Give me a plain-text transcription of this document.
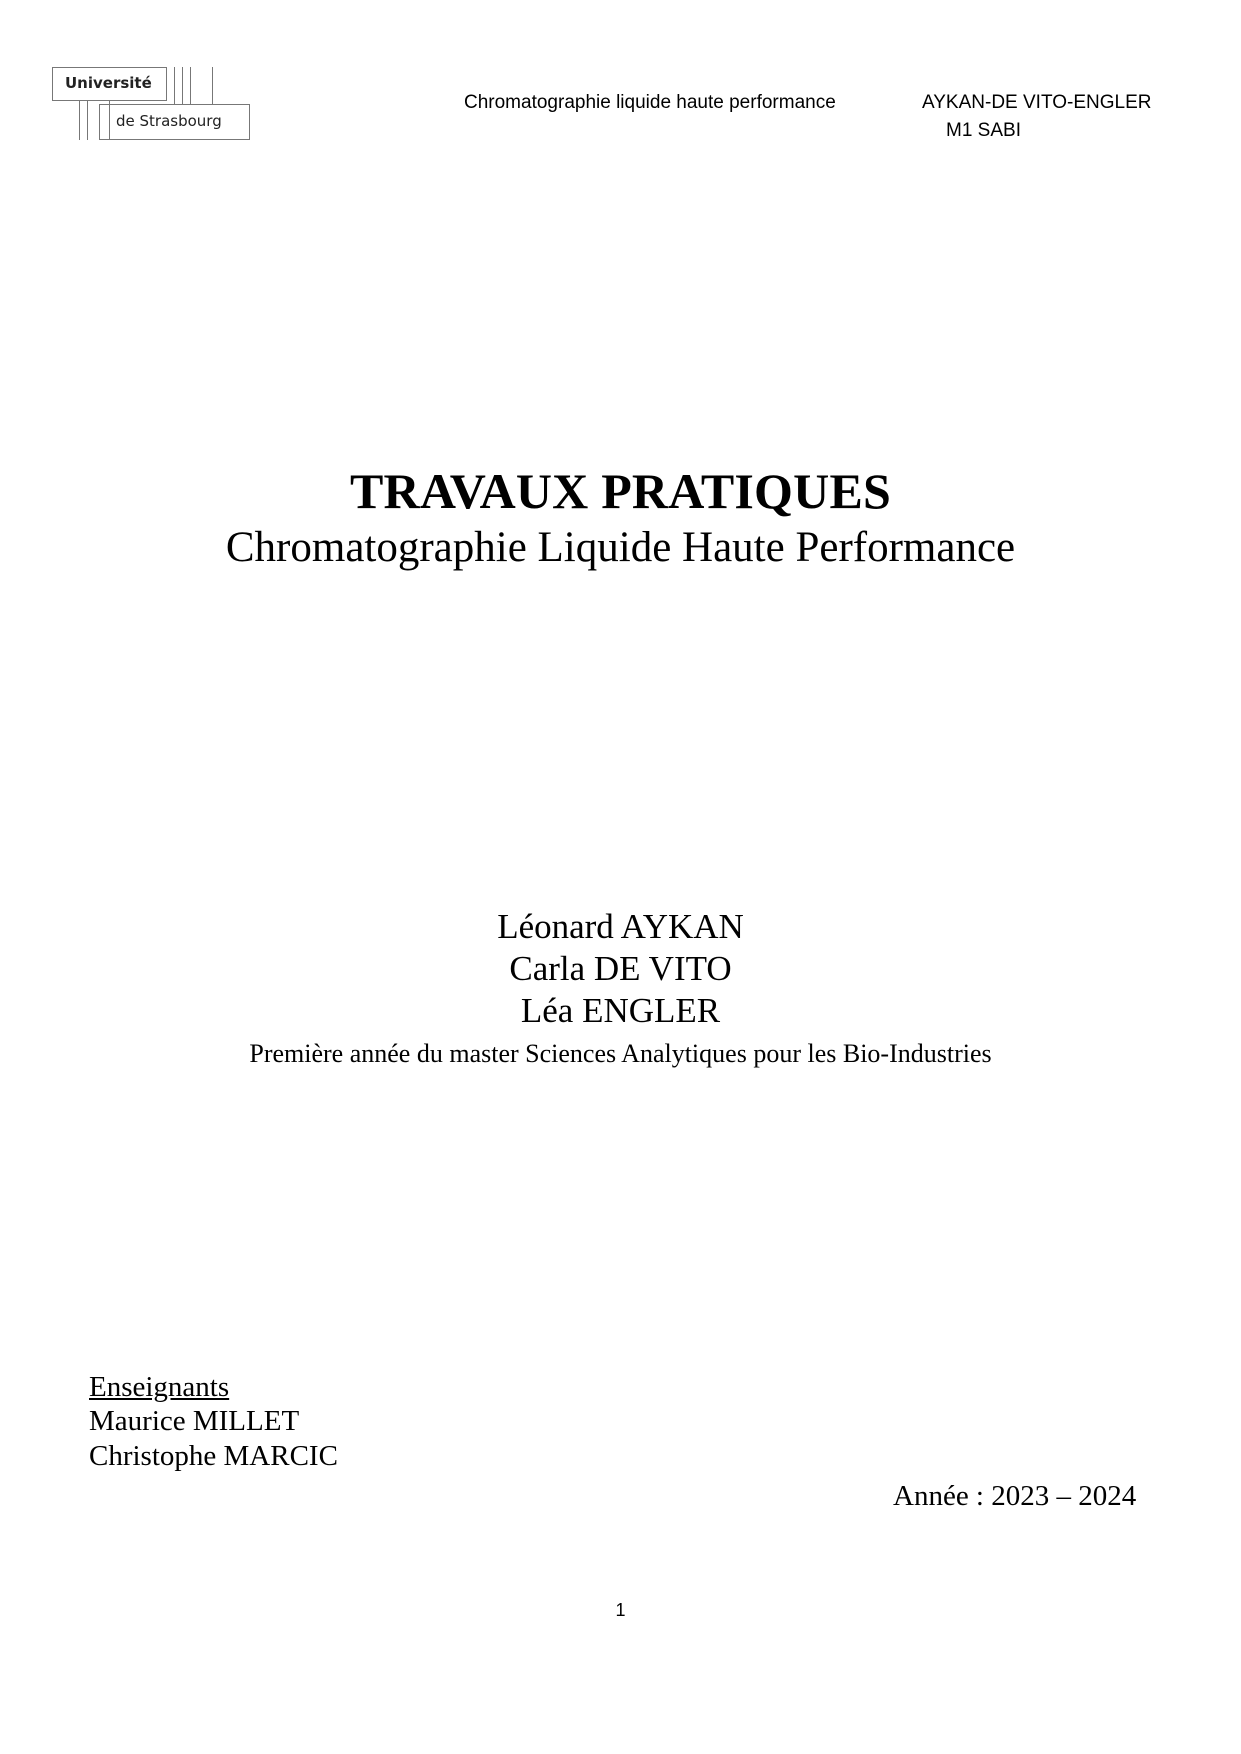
Université
de Strasbourg
Chromatographie liquide haute performance	AYKAN-DE VITO-ENGLER
M1 SABI
TRAVAUX PRATIQUES
Chromatographie Liquide Haute Performance
Léonard AYKAN
Carla DE VITO
Léa ENGLER
Première année du master Sciences Analytiques pour les Bio-Industries
Enseignants
Maurice MILLET
Christophe MARCIC
Année : 2023 – 2024
1
